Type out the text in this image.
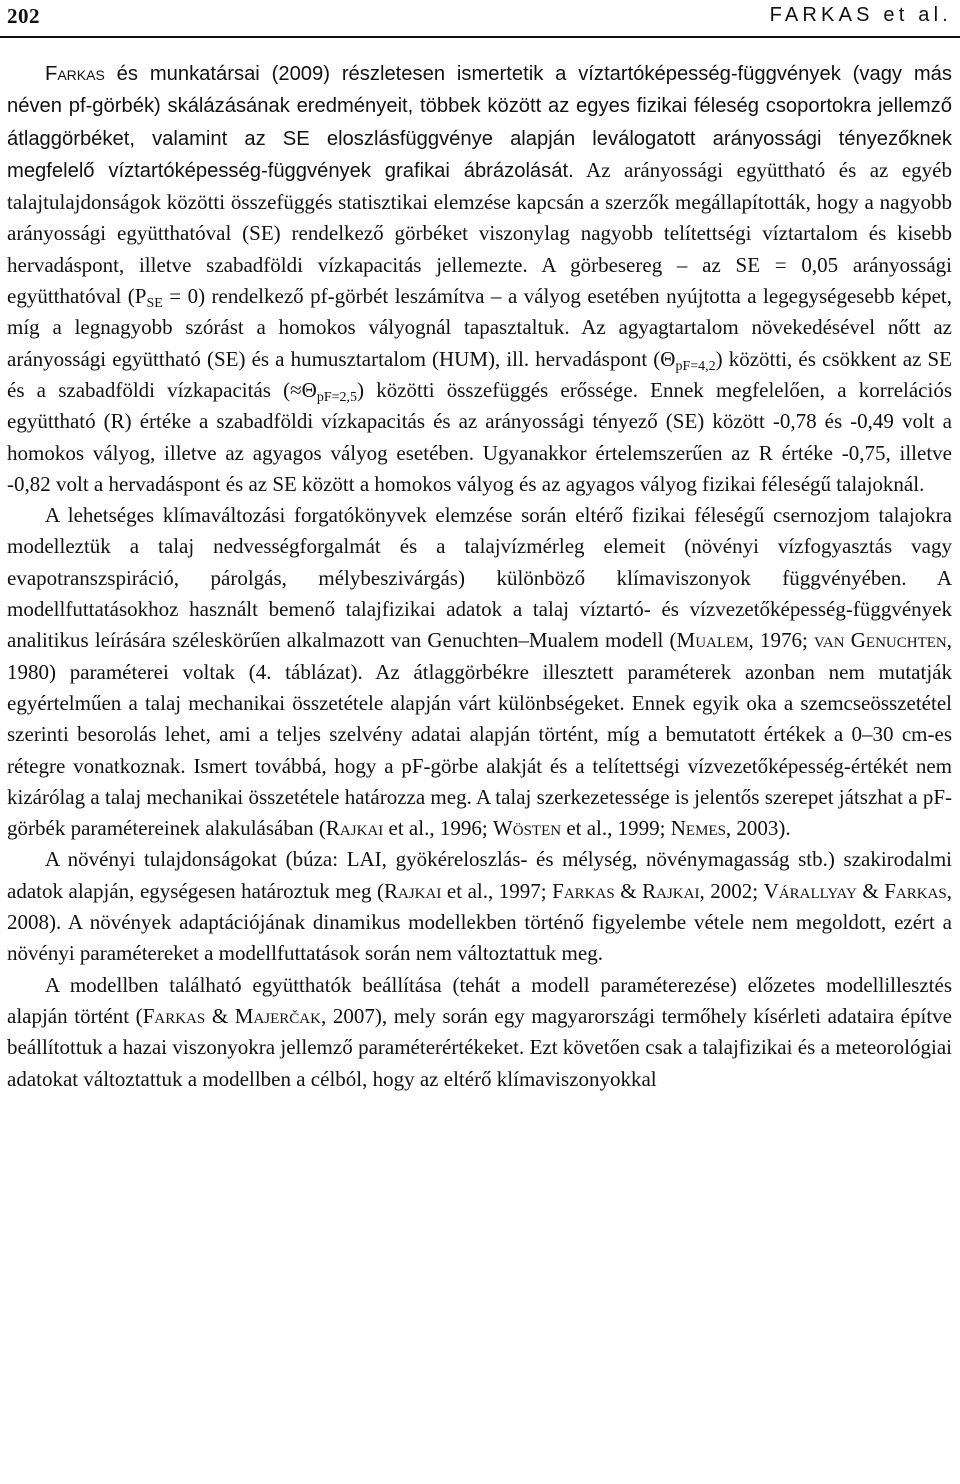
202	FARKAS et al.

Farkas és munkatársai (2009) részletesen ismertetik a víztartóképesség-függvények (vagy más néven pf-görbék) skálázásának eredményeit, többek között az egyes fizikai féleség csoportokra jellemző átlaggörbéket, valamint az SE eloszlásfüggvénye alapján leválogatott arányossági tényezőknek megfelelő víztartóképesség-függvények grafikai ábrázolását. Az arányossági együttható és az egyéb talajtulajdonságok közötti összefüggés statisztikai elemzése kapcsán a szerzők megállapították, hogy a nagyobb arányossági együtthatóval (SE) rendelkező görbéket viszonylag nagyobb telítettségi víztartalom és kisebb hervadáspont, illetve szabadföldi vízkapacitás jellemezte. A görbesereg – az SE = 0,05 arányossági együtthatóval $(P_{SE} = 0)$ rendelkező pf-görbét leszámítva – a vályog esetében nyújtotta a legegységesebb képet, míg a legnagyobb szórást a homokos vályognál tapasztaltuk. Az agyagtartalom növekedésével nőtt az arányossági együttható (SE) és a humusztartalom (HUM), ill. hervadáspont $(\Theta_{pF=4,2})$ közötti, és csökkent az SE és a szabadföldi vízkapacitás $(\approx\Theta_{pF=2,5})$ közötti összefüggés erőssége. Ennek megfelelően, a korrelációs együttható (R) értéke a szabadföldi vízkapacitás és az arányossági tényező (SE) között -0,78 és -0,49 volt a homokos vályog, illetve az agyagos vályog esetében. Ugyanakkor értelemszerűen az R értéke -0,75, illetve -0,82 volt a hervadáspont és az SE között a homokos vályog és az agyagos vályog fizikai féleségű talajoknál.

A lehetséges klímaváltozási forgatókönyvek elemzése során eltérő fizikai féleségű csernozjom talajokra modelleztük a talaj nedvességforgalmát és a talajvízmérleg elemeit (növényi vízfogyasztás vagy evapotranszspiráció, párolgás, mélybeszivárgás) különböző klímaviszonyok függvényében. A modellfuttatásokhoz használt bemenő talajfizikai adatok a talaj víztartó- és vízvezetőképesség-függvények analitikus leírására széleskörűen alkalmazott van Genuchten–Mualem modell (Mualem, 1976; van Genuchten, 1980) paraméterei voltak (4. táblázat). Az átlaggörbékre illesztett paraméterek azonban nem mutatják egyértelműen a talaj mechanikai összetétele alapján várt különbségeket. Ennek egyik oka a szemcseösszetétel szerinti besorolás lehet, ami a teljes szelvény adatai alapján történt, míg a bemutatott értékek a 0–30 cm-es rétegre vonatkoznak. Ismert továbbá, hogy a pF-görbe alakját és a telítettségi vízvezetőképesség-értékét nem kizárólag a talaj mechanikai összetétele határozza meg. A talaj szerkezetessége is jelentős szerepet játszhat a pF-görbék paramétereinek alakulásában (Rajkai et al., 1996; Wösten et al., 1999; Nemes, 2003).

A növényi tulajdonságokat (búza: LAI, gyökéreloszlás- és mélység, növénymagasság stb.) szakirodalmi adatok alapján, egységesen határoztuk meg (Rajkai et al., 1997; Farkas & Rajkai, 2002; Várallyay & Farkas, 2008). A növények adaptációjának dinamikus modellekben történő figyelembe vétele nem megoldott, ezért a növényi paramétereket a modellfuttatások során nem változtattuk meg.

A modellben található együtthatók beállítása (tehát a modell paraméterezése) előzetes modellillesztés alapján történt (Farkas & Majerčak, 2007), mely során egy magyarországi termőhely kísérleti adataira építve beállítottuk a hazai viszonyokra jellemző paraméterértékeket. Ezt követően csak a talajfizikai és a meteorológiai adatokat változtattuk a modellben a célból, hogy az eltérő klímaviszonyokkal
